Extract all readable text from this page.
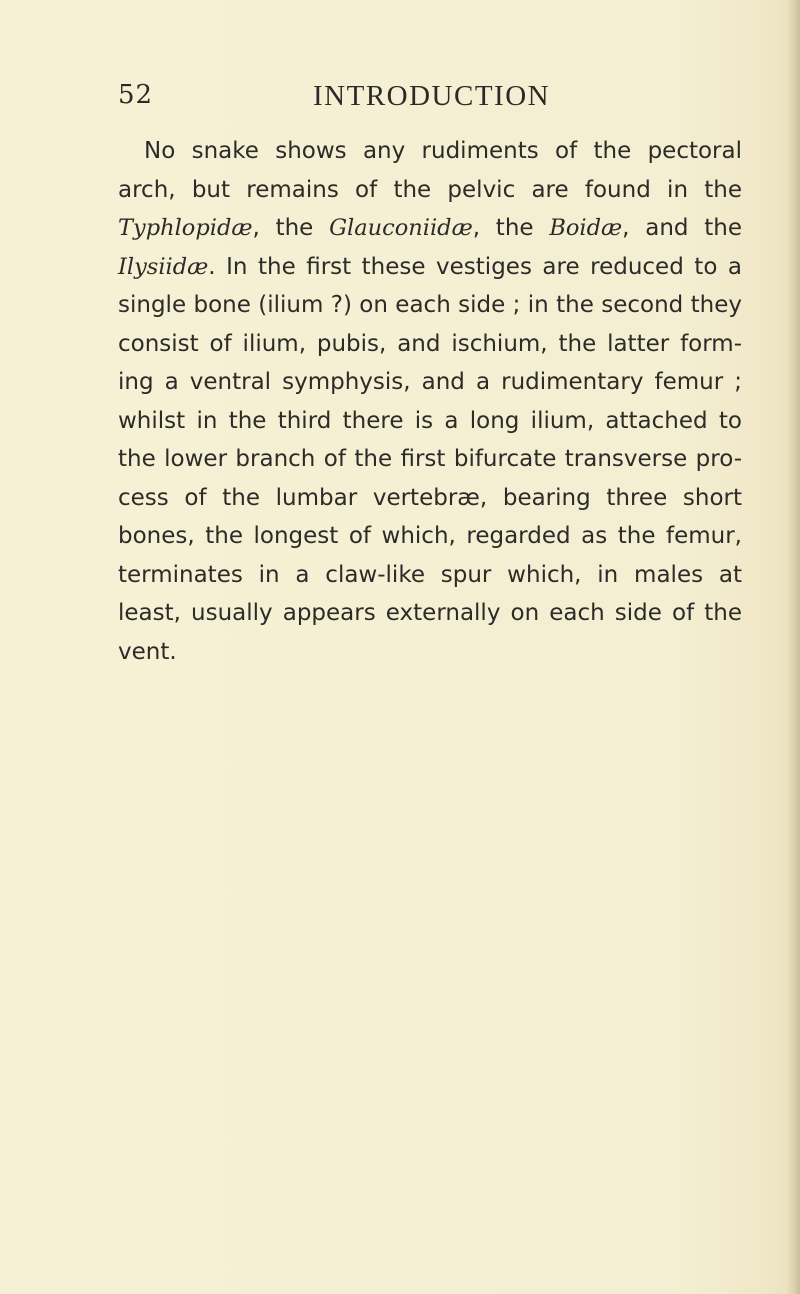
52	INTRODUCTION
No snake shows any rudiments of the pectoral
arch, but remains of the pelvic are found in the
Typhlopidæ, the Glauconiidæ, the Boidæ, and the
Ilysiidæ. In the first these vestiges are reduced to a
single bone (ilium ?) on each side ; in the second they
consist of ilium, pubis, and ischium, the latter form-
ing a ventral symphysis, and a rudimentary femur ;
whilst in the third there is a long ilium, attached to
the lower branch of the first bifurcate transverse pro-
cess of the lumbar vertebræ, bearing three short
bones, the longest of which, regarded as the femur,
terminates in a claw-like spur which, in males at
least, usually appears externally on each side of the
vent.
